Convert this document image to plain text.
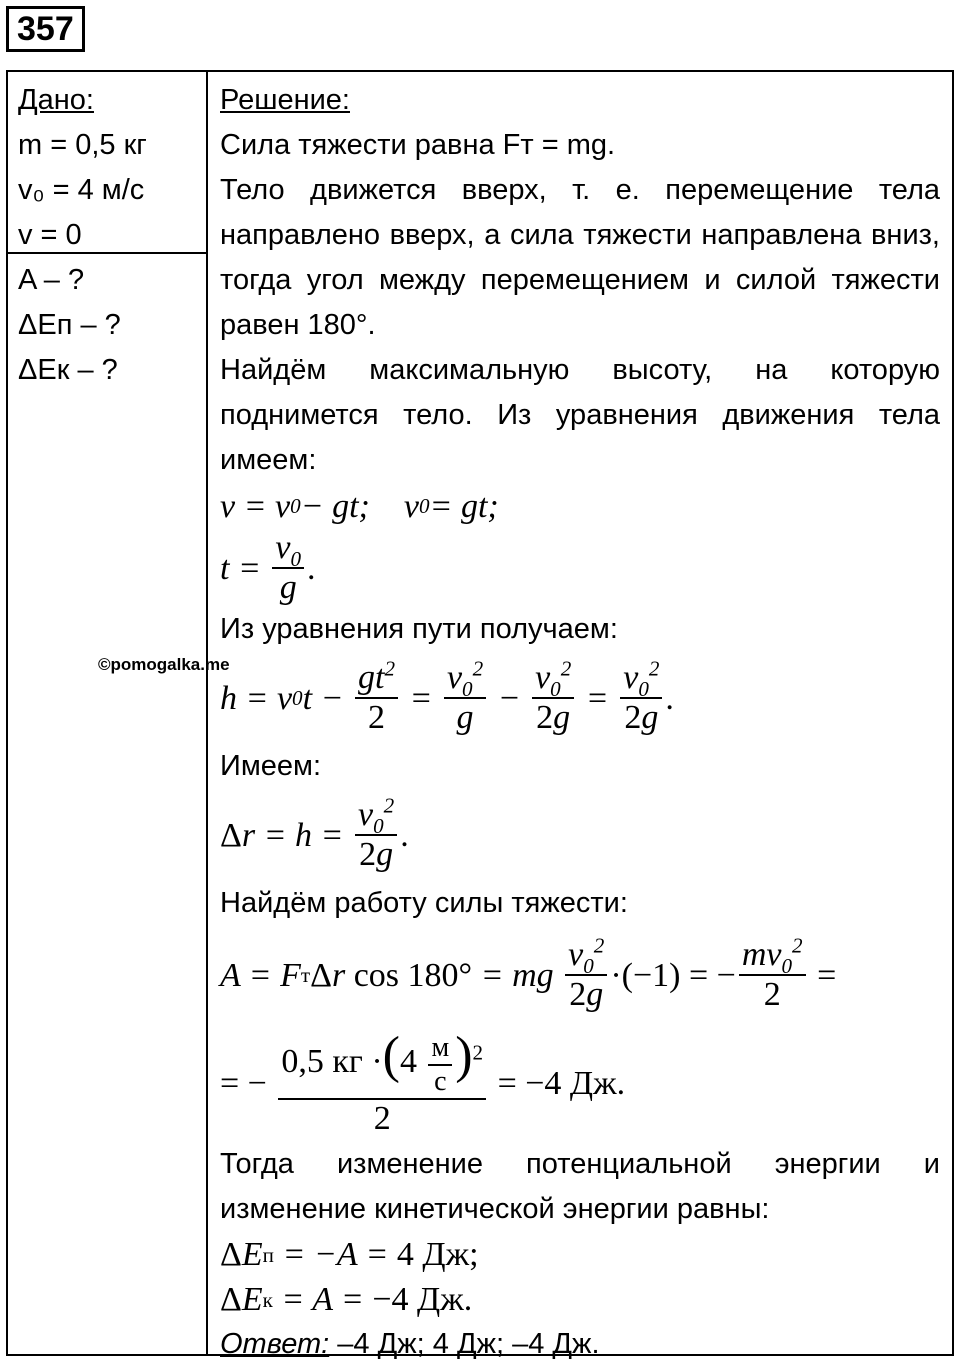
357
Дано:
m = 0,5 кг
v₀ = 4 м/с
v = 0
A – ?
ΔEп – ?
ΔEк – ?
Решение:
Сила тяжести равна Fт = mg.
Тело движется вверх, т. е. перемещение тела направлено вверх, а сила тяжести направлена вниз, тогда угол между перемещением и силой тяжести равен 180°.
Найдём максимальную высоту, на которую поднимется тело. Из уравнения движения тела имеем:
v = v 0 − gt;    v 0 = gt;
$t = \frac{v_0}{g}$ .
Из уравнения пути получаем:
h = v 0 $t - \frac{gt^2}{2} = \frac{v_0^2}{g} - \frac{v_0^2}{2g} = \frac{v_0^2}{2g}$ .
Имеем:
Δ $r = h = \frac{v_0^2}{2g}$ .
Найдём работу силы тяжести:
A = F т Δ r cos 180° = mg $\frac{v_0^2}{2g} \cdot(-1)$ = − $\frac{mv_0^2}{2}$
=
= − $\frac{0,5 кг \cdot(4 \frac{м}{с} )^2}{2} = -4$ Дж.
Тогда изменение потенциальной энергии и изменение кинетической энергии равны:
Δ E п = −A = 4 Дж;
Δ E к = A = −4 Дж.
Ответ: –4 Дж; 4 Дж; –4 Дж.
©pomogalka.me
